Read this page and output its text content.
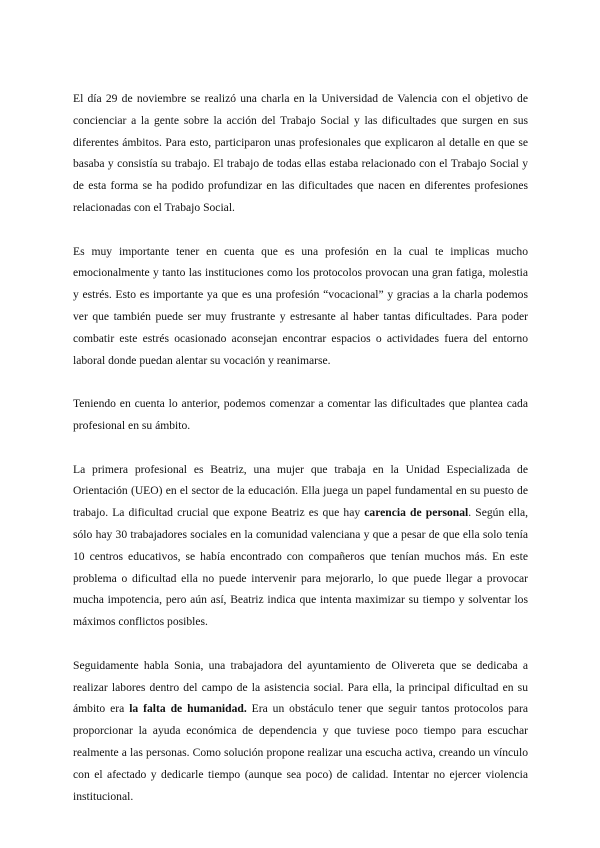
El día 29 de noviembre se realizó una charla en la Universidad de Valencia con el objetivo de concienciar a la gente sobre la acción del Trabajo Social y las dificultades que surgen en sus diferentes ámbitos. Para esto, participaron unas profesionales que explicaron al detalle en que se basaba y consistía su trabajo. El trabajo de todas ellas estaba relacionado con el Trabajo Social y de esta forma se ha podido profundizar en las dificultades que nacen en diferentes profesiones relacionadas con el Trabajo Social.

Es muy importante tener en cuenta que es una profesión en la cual te implicas mucho emocionalmente y tanto las instituciones como los protocolos provocan una gran fatiga, molestia y estrés. Esto es importante ya que es una profesión “vocacional” y gracias a la charla podemos ver que también puede ser muy frustrante y estresante al haber tantas dificultades. Para poder combatir este estrés ocasionado aconsejan encontrar espacios o actividades fuera del entorno laboral donde puedan alentar su vocación y reanimarse.

Teniendo en cuenta lo anterior, podemos comenzar a comentar las dificultades que plantea cada profesional en su ámbito.

La primera profesional es Beatriz, una mujer que trabaja en la Unidad Especializada de Orientación (UEO) en el sector de la educación. Ella juega un papel fundamental en su puesto de trabajo. La dificultad crucial que expone Beatriz es que hay carencia de personal. Según ella, sólo hay 30 trabajadores sociales en la comunidad valenciana y que a pesar de que ella solo tenía 10 centros educativos, se había encontrado con compañeros que tenían muchos más. En este problema o dificultad ella no puede intervenir para mejorarlo, lo que puede llegar a provocar mucha impotencia, pero aún así, Beatriz indica que intenta maximizar su tiempo y solventar los máximos conflictos posibles.

Seguidamente habla Sonia, una trabajadora del ayuntamiento de Olivereta que se dedicaba a realizar labores dentro del campo de la asistencia social. Para ella, la principal dificultad en su ámbito era la falta de humanidad. Era un obstáculo tener que seguir tantos protocolos para proporcionar la ayuda económica de dependencia y que tuviese poco tiempo para escuchar realmente a las personas. Como solución propone realizar una escucha activa, creando un vínculo con el afectado y dedicarle tiempo (aunque sea poco) de calidad. Intentar no ejercer violencia institucional.
